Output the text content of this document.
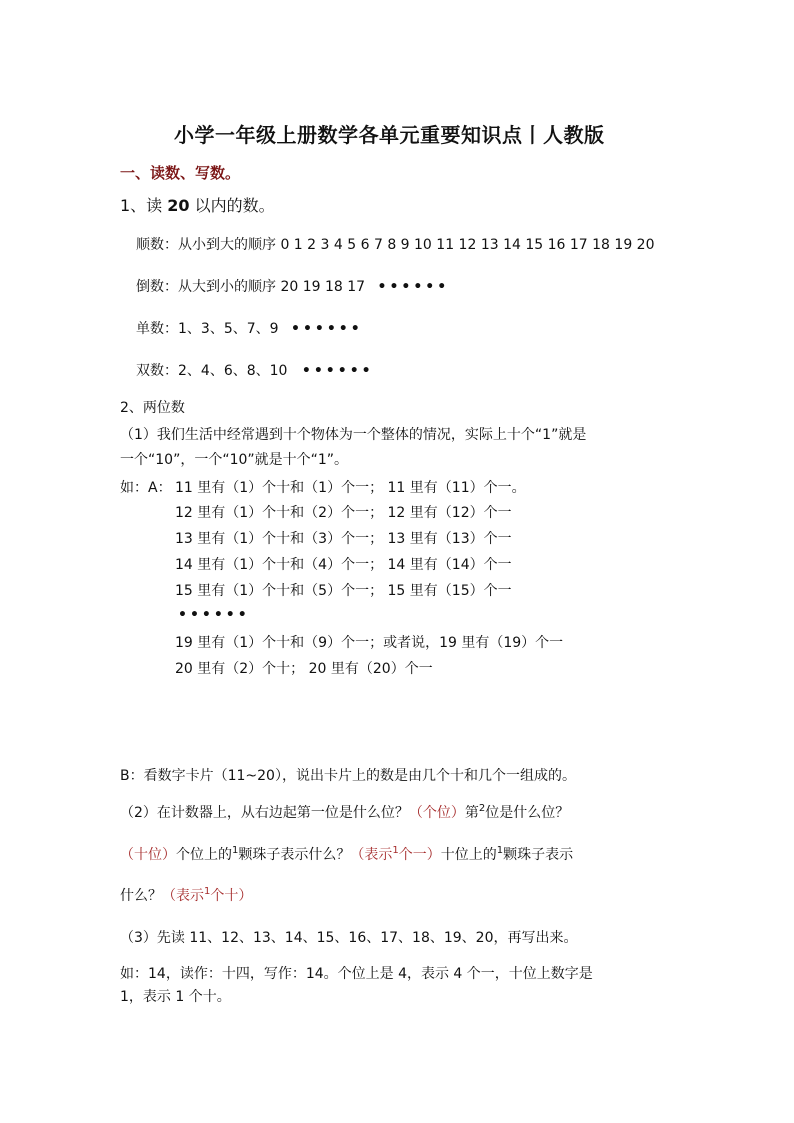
小学一年级上册数学各单元重要知识点丨人教版
一、读数、写数。
1、读 20 以内的数。
顺数：从小到大的顺序 0 1 2 3 4 5 6 7 8 9 10 11 12 13 14 15 16 17 18 19 20
倒数：从大到小的顺序 20 19 18 17 ••••••
单数：1、3、5、7、9 ••••••
双数：2、4、6、8、10 ••••••
2、两位数
（1）我们生活中经常遇到十个物体为一个整体的情况，实际上十个“1”就是
一个“10”，一个“10”就是十个“1”。
如：A： 11 里有（1）个十和（1）个一； 11 里有（11）个一。
12 里有（1）个十和（2）个一； 12 里有（12）个一
13 里有（1）个十和（3）个一； 13 里有（13）个一
14 里有（1）个十和（4）个一； 14 里有（14）个一
15 里有（1）个十和（5）个一； 15 里有（15）个一
••••••
19 里有（1）个十和（9）个一；或者说，19 里有（19）个一
20 里有（2）个十； 20 里有（20）个一
B：看数字卡片（11~20），说出卡片上的数是由几个十和几个一组成的。
（2）在计数器上，从右边起第一位是什么位？（个位）第$^2$位是什么位？
（十位）个位上的$^1$颗珠子表示什么？（表示$^1$个一）十位上的$^1$颗珠子表示
什么？（表示$^1$个十）
（3）先读 11、12、13、14、15、16、17、18、19、20，再写出来。
如：14，读作：十四，写作：14。个位上是 4，表示 4 个一，十位上数字是
1，表示 1 个十。
